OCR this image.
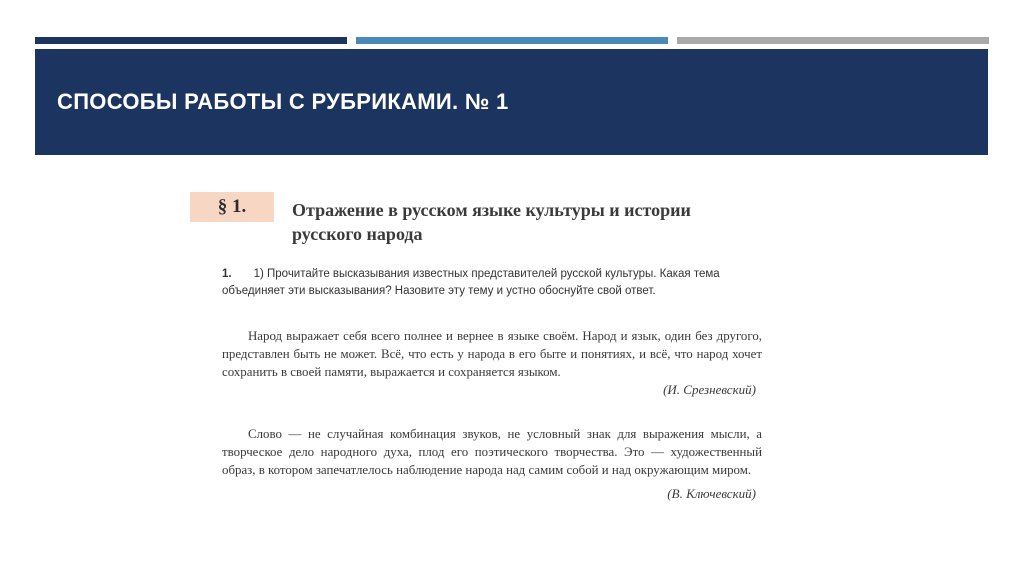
СПОСОБЫ РАБОТЫ С РУБРИКАМИ. № 1
§ 1.	Отражение в русском языке культуры и истории русского народа
1. 1) Прочитайте высказывания известных представителей русской культуры. Какая тема объединяет эти высказывания? Назовите эту тему и устно обоснуйте свой ответ.

Народ выражает себя всего полнее и вернее в языке своём. Народ и язык, один без другого, представлен быть не может. Всё, что есть у народа в его быте и понятиях, и всё, что народ хочет сохранить в своей памяти, выражается и сохраняется языком.

(И. Срезневский)

Слово — не случайная комбинация звуков, не условный знак для выражения мысли, а творческое дело народного духа, плод его поэтического творчества. Это — художественный образ, в котором запечатлелось наблюдение народа над самим собой и над окружающим миром.

(В. Ключевский)
